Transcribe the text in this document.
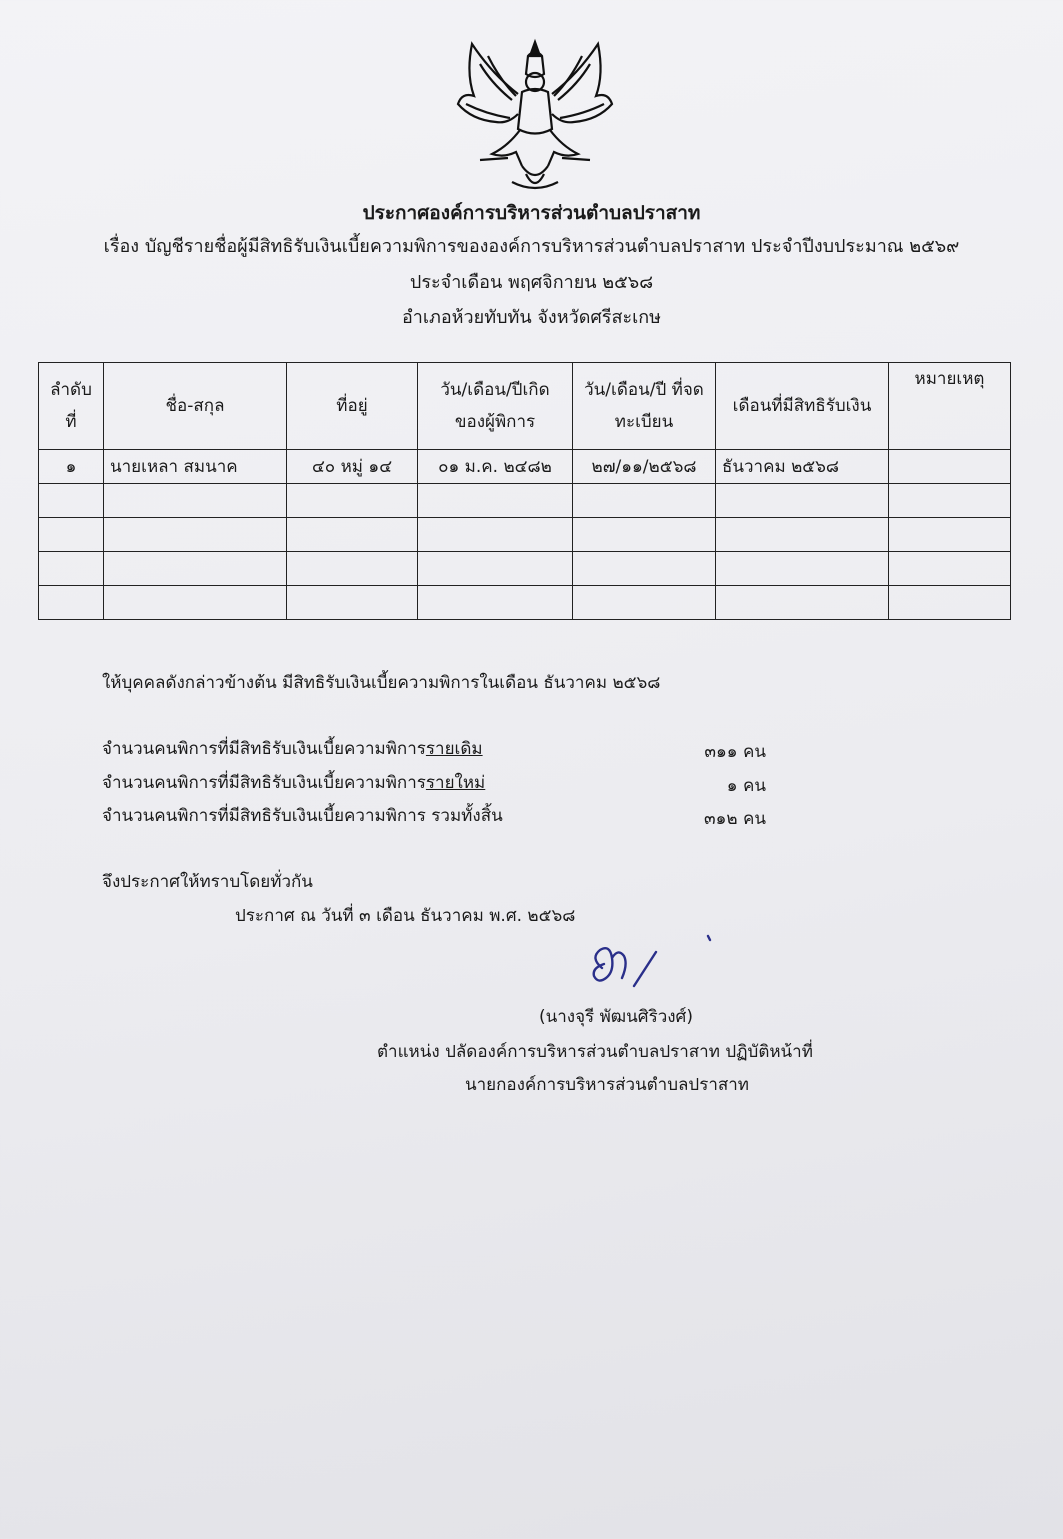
ประกาศองค์การบริหารส่วนตำบลปราสาท
เรื่อง บัญชีรายชื่อผู้มีสิทธิรับเงินเบี้ยความพิการขององค์การบริหารส่วนตำบลปราสาท ประจำปีงบประมาณ ๒๕๖๙
ประจำเดือน พฤศจิกายน ๒๕๖๘
อำเภอห้วยทับทัน จังหวัดศรีสะเกษ
ลำดับ ที่	ชื่อ-สกุล	ที่อยู่	วัน/เดือน/ปีเกิด ของผู้พิการ	วัน/เดือน/ปี ที่จดทะเบียน	เดือนที่มีสิทธิรับเงิน	หมายเหตุ
๑	นายเหลา สมนาค	๔๐ หมู่ ๑๔	๐๑ ม.ค. ๒๔๘๒	๒๗/๑๑/๒๕๖๘	ธันวาคม ๒๕๖๘	

ให้บุคคลดังกล่าวข้างต้น มีสิทธิรับเงินเบี้ยความพิการในเดือน ธันวาคม ๒๕๖๘
จำนวนคนพิการที่มีสิทธิรับเงินเบี้ยความพิการรายเดิม	๓๑๑ คน
จำนวนคนพิการที่มีสิทธิรับเงินเบี้ยความพิการรายใหม่	๑ คน
จำนวนคนพิการที่มีสิทธิรับเงินเบี้ยความพิการ รวมทั้งสิ้น	๓๑๒ คน
จึงประกาศให้ทราบโดยทั่วกัน
ประกาศ ณ วันที่ ๓ เดือน ธันวาคม พ.ศ. ๒๕๖๘
(นางจุรี พัฒนศิริวงศ์)
ตำแหน่ง ปลัดองค์การบริหารส่วนตำบลปราสาท ปฏิบัติหน้าที่
นายกองค์การบริหารส่วนตำบลปราสาท
